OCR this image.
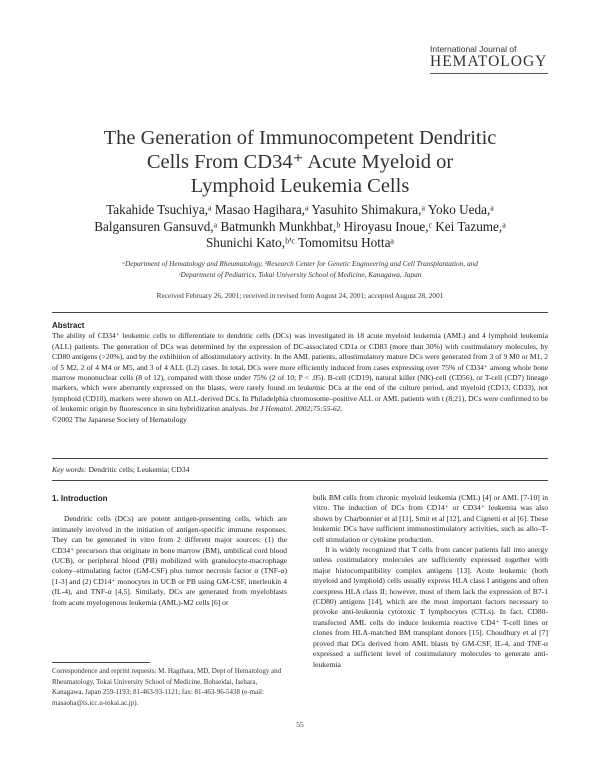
International Journal of
HEMATOLOGY
The Generation of Immunocompetent Dendritic
Cells From CD34⁺ Acute Myeloid or
Lymphoid Leukemia Cells
Takahide Tsuchiya,ᵃ Masao Hagihara,ᵃ Yasuhito Shimakura,ᵃ Yoko Ueda,ᵃ
Balgansuren Gansuvd,ᵃ Batmunkh Munkhbat,ᵇ Hiroyasu Inoue,ᶜ Kei Tazume,ᵃ
Shunichi Kato,ᵇ'ᶜ Tomomitsu Hottaᵃ
ᵃDepartment of Hematology and Rheumatology, ᵇResearch Center for Genetic Engineering and Cell Transplantation, and
ᶜDepartment of Pediatrics, Tokai University School of Medicine, Kanagawa, Japan
Received February 26, 2001; received in revised form August 24, 2001; accepted August 28, 2001
Abstract
The ability of CD34⁺ leukemic cells to differentiate to dendritic cells (DCs) was investigated in 18 acute myeloid leukemia (AML) and 4 lymphoid leukemia (ALL) patients. The generation of DCs was determined by the expression of DC-associated CD1a or CD83 (more than 30%) with costimulatory molecules, by CD80 antigens (>20%), and by the exhibition of allostimulatory activity. In the AML patients, allostimulatory mature DCs were generated from 3 of 9 M0 or M1, 2 of 5 M2, 2 of 4 M4 or M5, and 3 of 4 ALL (L2) cases. In total, DCs were more efficiently induced from cases expressing over 75% of CD34⁺ among whole bone marrow mononuclear cells (8 of 12), compared with those under 75% (2 of 10; P < .05). B-cell (CD19), natural killer (NK)-cell (CD56), or T-cell (CD7) lineage markers, which were aberrantly expressed on the blasts, were rarely found on leukemic DCs at the end of the culture period, and myeloid (CD13, CD33), not lymphoid (CD10), markers were shown on ALL-derived DCs. In Philadelphia chromosome–positive ALL or AML patients with t (8;21), DCs were confirmed to be of leukemic origin by fluorescence in situ hybridization analysis. Int J Hematol. 2002;75:55-62.
©2002 The Japanese Society of Hematology
Key words: Dendritic cells; Leukemia; CD34
1. Introduction

Dendritic cells (DCs) are potent antigen-presenting cells, which are intimately involved in the initiation of antigen-specific immune responses. They can be generated in vitro from 2 different major sources: (1) the CD34⁺ precursors that originate in bone marrow (BM), umbilical cord blood (UCB), or peripheral blood (PB) mobilized with granulocyte-macrophage colony–stimulating factor (GM-CSF) plus tumor necrosis factor α (TNF-α) [1-3] and (2) CD14⁺ monocytes in UCB or PB using GM-CSF, interleukin 4 (IL-4), and TNF-α [4,5]. Similarly, DCs are generated from myeloblasts from acute myelogenous leukemia (AML)-M2 cells [6] or

bulk BM cells from chronic myeloid leukemia (CML) [4] or AML [7-10] in vitro. The induction of DCs from CD14⁺ or CD34⁺ leukemia was also shown by Charbonnier et al [11], Smit et al [12], and Cignetti et al [6]. These leukemic DCs have sufficient immunostimulatory activities, such as allo–T-cell stimulation or cytokine production.

It is widely recognized that T cells from cancer patients fall into anergy unless costimulatory molecules are sufficiently expressed together with major histocompatibility complex antigens [13]. Acute leukemic (both myeloid and lymphoid) cells usually express HLA class I antigens and often coexpress HLA class II; however, most of them lack the expression of B7-1 (CD80) antigens [14], which are the most important factors necessary to provoke anti-leukemia cytotoxic T lymphocytes (CTLs). In fact, CD80-transfected AML cells do induce leukemia reactive CD4⁺ T-cell lines or clones from HLA-matched BM transplant donors [15]. Choudhury et al [7] proved that DCs derived from AML blasts by GM-CSF, IL-4, and TNF-α expressed a sufficient level of costimulatory molecules to generate anti-leukemia

Correspondence and reprint requests: M. Hagihara, MD, Dept of Hematology and Rheumatology, Tokai University School of Medicine, Bohseidai, Isehara, Kanagawa, Japan 259-1193; 81-463-93-1121; fax: 81-463-96-5438 (e-mail: masaoha@is.icc.u-tokai.ac.jp).
55
